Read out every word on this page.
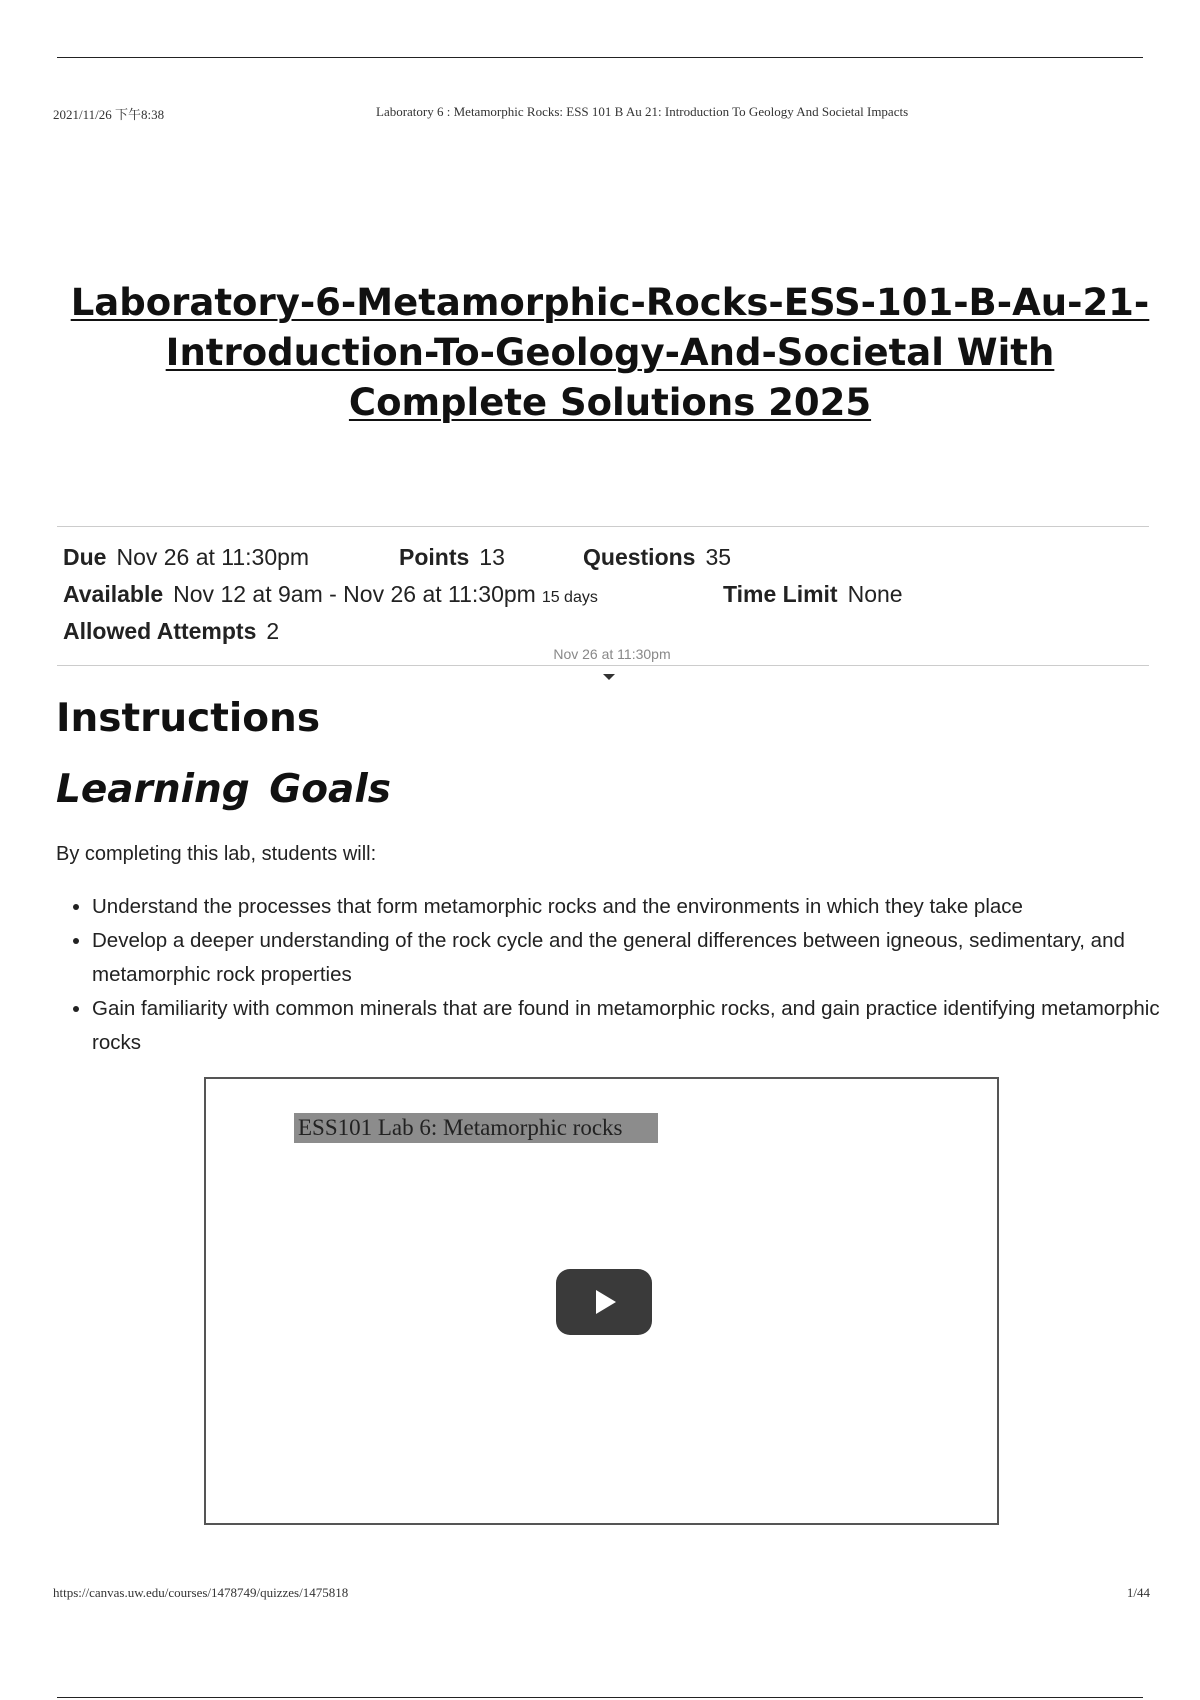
2021/11/26 下午8:38	Laboratory 6 : Metamorphic Rocks: ESS 101 B Au 21: Introduction To Geology And Societal Impacts
Laboratory-6-Metamorphic-Rocks-ESS-101-B-Au-21-
Introduction-To-Geology-And-Societal With
Complete Solutions 2025
Due Nov 26 at 11:30pm	Points 13	Questions 35
Available Nov 12 at 9am - Nov 26 at 11:30pm 15 days	Time Limit None
Allowed Attempts 2
Nov 26 at 11:30pm
Instructions
Learning Goals
By completing this lab, students will:
• Understand the processes that form metamorphic rocks and the environments in which they take place
• Develop a deeper understanding of the rock cycle and the general differences between igneous, sedimentary, and metamorphic rock properties
• Gain familiarity with common minerals that are found in metamorphic rocks, and gain practice identifying metamorphic rocks
ESS101 Lab 6: Metamorphic rocks
https://canvas.uw.edu/courses/1478749/quizzes/1475818	1/44
